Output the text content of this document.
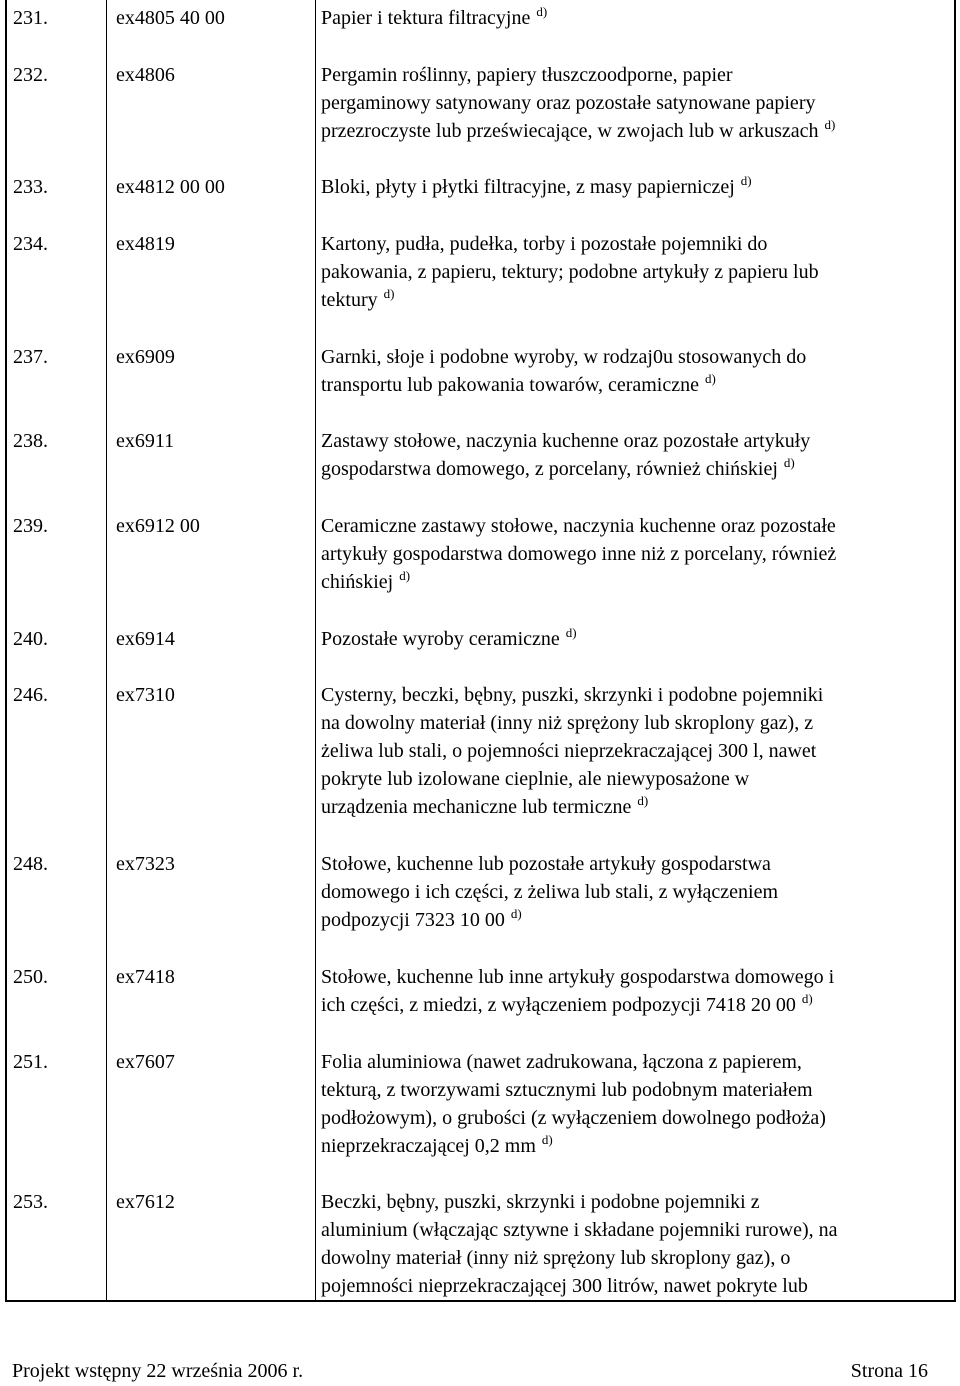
231.	ex4805 40 00	Papier i tektura filtracyjne $^{d)}$
232.	ex4806	Pergamin roślinny, papiery tłuszczoodporne, papier
pergaminowy satynowany oraz pozostałe satynowane papiery
przezroczyste lub przeświecające, w zwojach lub w arkuszach $^{d)}$
233.	ex4812 00 00	Bloki, płyty i płytki filtracyjne, z masy papierniczej $^{d)}$
234.	ex4819	Kartony, pudła, pudełka, torby i pozostałe pojemniki do
pakowania, z papieru, tektury; podobne artykuły z papieru lub
tektury $^{d)}$
237.	ex6909	Garnki, słoje i podobne wyroby, w rodzaj0u stosowanych do
transportu lub pakowania towarów, ceramiczne $^{d)}$
238.	ex6911	Zastawy stołowe, naczynia kuchenne oraz pozostałe artykuły
gospodarstwa domowego, z porcelany, również chińskiej $^{d)}$
239.	ex6912 00	Ceramiczne zastawy stołowe, naczynia kuchenne oraz pozostałe
artykuły gospodarstwa domowego inne niż z porcelany, również
chińskiej $^{d)}$
240.	ex6914	Pozostałe wyroby ceramiczne $^{d)}$
246.	ex7310	Cysterny, beczki, bębny, puszki, skrzynki i podobne pojemniki
na dowolny materiał (inny niż sprężony lub skroplony gaz), z
żeliwa lub stali, o pojemności nieprzekraczającej 300 l, nawet
pokryte lub izolowane cieplnie, ale niewyposażone w
urządzenia mechaniczne lub termiczne $^{d)}$
248.	ex7323	Stołowe, kuchenne lub pozostałe artykuły gospodarstwa
domowego i ich części, z żeliwa lub stali, z wyłączeniem
podpozycji 7323 10 00 $^{d)}$
250.	ex7418	Stołowe, kuchenne lub inne artykuły gospodarstwa domowego i
ich części, z miedzi, z wyłączeniem podpozycji 7418 20 00 $^{d)}$
251.	ex7607	Folia aluminiowa (nawet zadrukowana, łączona z papierem,
tekturą, z tworzywami sztucznymi lub podobnym materiałem
podłożowym), o grubości (z wyłączeniem dowolnego podłoża)
nieprzekraczającej 0,2 mm $^{d)}$
253.	ex7612	Beczki, bębny, puszki, skrzynki i podobne pojemniki z
aluminium (włączając sztywne i składane pojemniki rurowe), na
dowolny materiał (inny niż sprężony lub skroplony gaz), o
pojemności nieprzekraczającej 300 litrów, nawet pokryte lub
Projekt wstępny 22 września 2006 r.	Strona 16
